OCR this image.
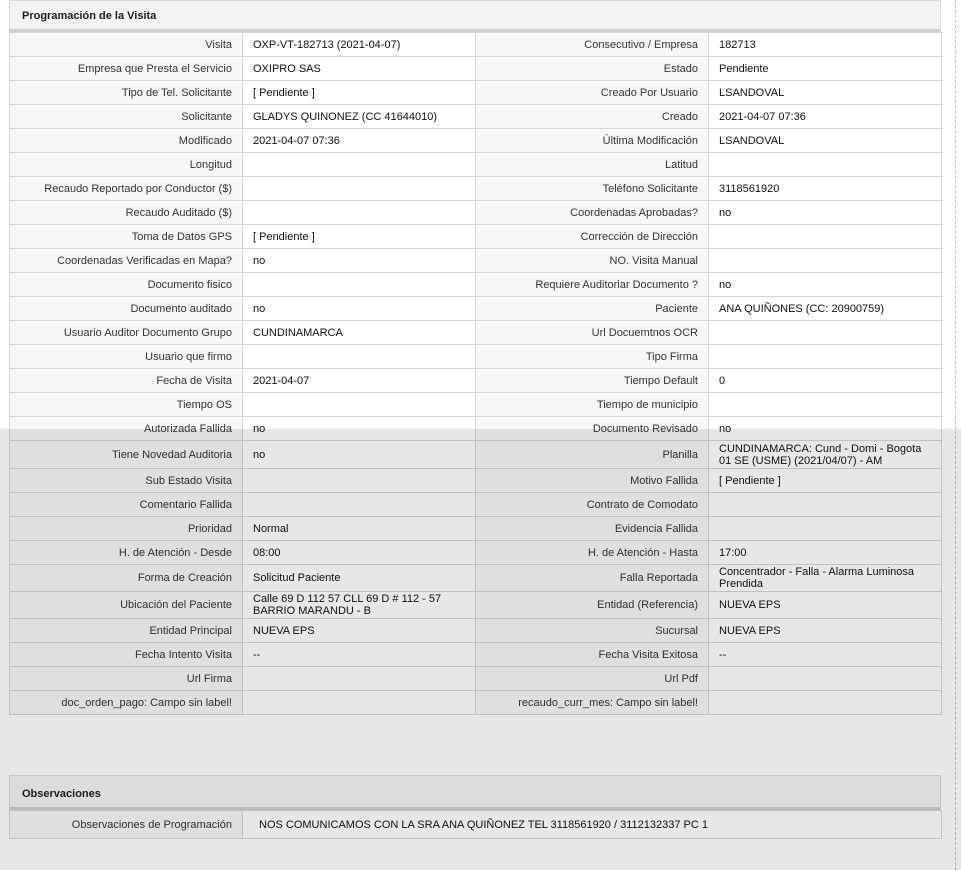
Programación de la Visita
Visita	OXP-VT-182713 (2021-04-07)	Consecutivo / Empresa	182713
Empresa que Presta el Servicio	OXIPRO SAS	Estado	Pendiente
Tipo de Tel. Solicitante	[ Pendiente ]	Creado Por Usuario	LSANDOVAL
Solicitante	GLADYS QUINONEZ (CC 41644010)	Creado	2021-04-07 07:36
Modificado	2021-04-07 07:36	Última Modificación	LSANDOVAL
Longitud		Latitud	
Recaudo Reportado por Conductor ($)		Teléfono Solicitante	3118561920
Recaudo Auditado ($)		Coordenadas Aprobadas?	no
Toma de Datos GPS	[ Pendiente ]	Corrección de Dirección	
Coordenadas Verificadas en Mapa?	no	NO. Visita Manual	
Documento fisico		Requiere Auditoriar Documento ?	no
Documento auditado	no	Paciente	ANA QUIÑONES (CC: 20900759)
Usuario Auditor Documento Grupo	CUNDINAMARCA	Url Docuemtnos OCR	
Usuario que firmo		Tipo Firma	
Fecha de Visita	2021-04-07	Tiempo Default	0
Tiempo OS		Tiempo de municipio	
Autorizada Fallida	no	Documento Revisado	no
Tiene Novedad Auditoria	no	Planilla	CUNDINAMARCA: Cund - Domi - Bogota 01 SE (USME) (2021/04/07) - AM
Sub Estado Visita		Motivo Fallida	[ Pendiente ]
Comentario Fallida		Contrato de Comodato	
Prioridad	Normal	Evidencia Fallida	
H. de Atención - Desde	08:00	H. de Atención - Hasta	17:00
Forma de Creación	Solicitud Paciente	Falla Reportada	Concentrador - Falla - Alarma Luminosa Prendida
Ubicación del Paciente	Calle 69 D 112 57 CLL 69 D # 112 - 57 BARRIO MARANDU - B	Entidad (Referencia)	NUEVA EPS
Entidad Principal	NUEVA EPS	Sucursal	NUEVA EPS
Fecha Intento Visita	--	Fecha Visita Exitosa	--
Url Firma		Url Pdf	
doc_orden_pago: Campo sin label!		recaudo_curr_mes: Campo sin label!	
Observaciones
Observaciones de Programación	NOS COMUNICAMOS CON LA SRA ANA QUIÑONEZ TEL 3118561920 / 3112132337 PC 1
